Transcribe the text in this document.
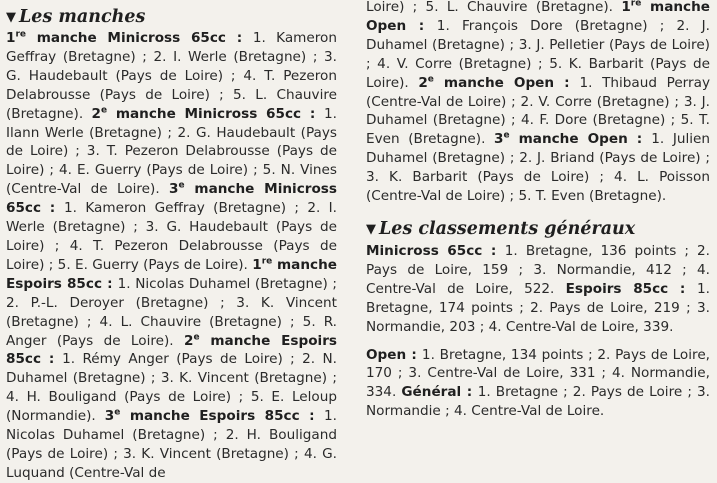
▼ Les manches

1re manche Minicross 65cc : 1. Kameron Geffray (Bretagne) ; 2. I. Werle (Bretagne) ; 3. G. Haudebault (Pays de Loire) ; 4. T. Pezeron Delabrousse (Pays de Loire) ; 5. L. Chauvire (Bretagne). 2e manche Minicross 65cc : 1. Ilann Werle (Bretagne) ; 2. G. Haudebault (Pays de Loire) ; 3. T. Pezeron Delabrousse (Pays de Loire) ; 4. E. Guerry (Pays de Loire) ; 5. N. Vines (Centre-Val de Loire). 3e manche Minicross 65cc : 1. Kameron Geffray (Bretagne) ; 2. I. Werle (Bretagne) ; 3. G. Haudebault (Pays de Loire) ; 4. T. Pezeron Delabrousse (Pays de Loire) ; 5. E. Guerry (Pays de Loire). 1re manche Espoirs 85cc : 1. Nicolas Duhamel (Bretagne) ; 2. P.-L. Deroyer (Bretagne) ; 3. K. Vincent (Bretagne) ; 4. L. Chauvire (Bretagne) ; 5. R. Anger (Pays de Loire). 2e manche Espoirs 85cc : 1. Rémy Anger (Pays de Loire) ; 2. N. Duhamel (Bretagne) ; 3. K. Vincent (Bretagne) ; 4. H. Bouligand (Pays de Loire) ; 5. E. Leloup (Normandie). 3e manche Espoirs 85cc : 1. Nicolas Duhamel (Bretagne) ; 2. H. Bouligand (Pays de Loire) ; 3. K. Vincent (Bretagne) ; 4. G. Luquand (Centre-Val de

Loire) ; 5. L. Chauvire (Bretagne). 1re manche Open : 1. François Dore (Bretagne) ; 2. J. Duhamel (Bretagne) ; 3. J. Pelletier (Pays de Loire) ; 4. V. Corre (Bretagne) ; 5. K. Barbarit (Pays de Loire). 2e manche Open : 1. Thibaud Perray (Centre-Val de Loire) ; 2. V. Corre (Bretagne) ; 3. J. Duhamel (Bretagne) ; 4. F. Dore (Bretagne) ; 5. T. Even (Bretagne). 3e manche Open : 1. Julien Duhamel (Bretagne) ; 2. J. Briand (Pays de Loire) ; 3. K. Barbarit (Pays de Loire) ; 4. L. Poisson (Centre-Val de Loire) ; 5. T. Even (Bretagne).

▼ Les classements généraux

Minicross 65cc : 1. Bretagne, 136 points ; 2. Pays de Loire, 159 ; 3. Normandie, 412 ; 4. Centre-Val de Loire, 522. Espoirs 85cc : 1. Bretagne, 174 points ; 2. Pays de Loire, 219 ; 3. Normandie, 203 ; 4. Centre-Val de Loire, 339.

Open : 1. Bretagne, 134 points ; 2. Pays de Loire, 170 ; 3. Centre-Val de Loire, 331 ; 4. Normandie, 334. Général : 1. Bretagne ; 2. Pays de Loire ; 3. Normandie ; 4. Centre-Val de Loire.
